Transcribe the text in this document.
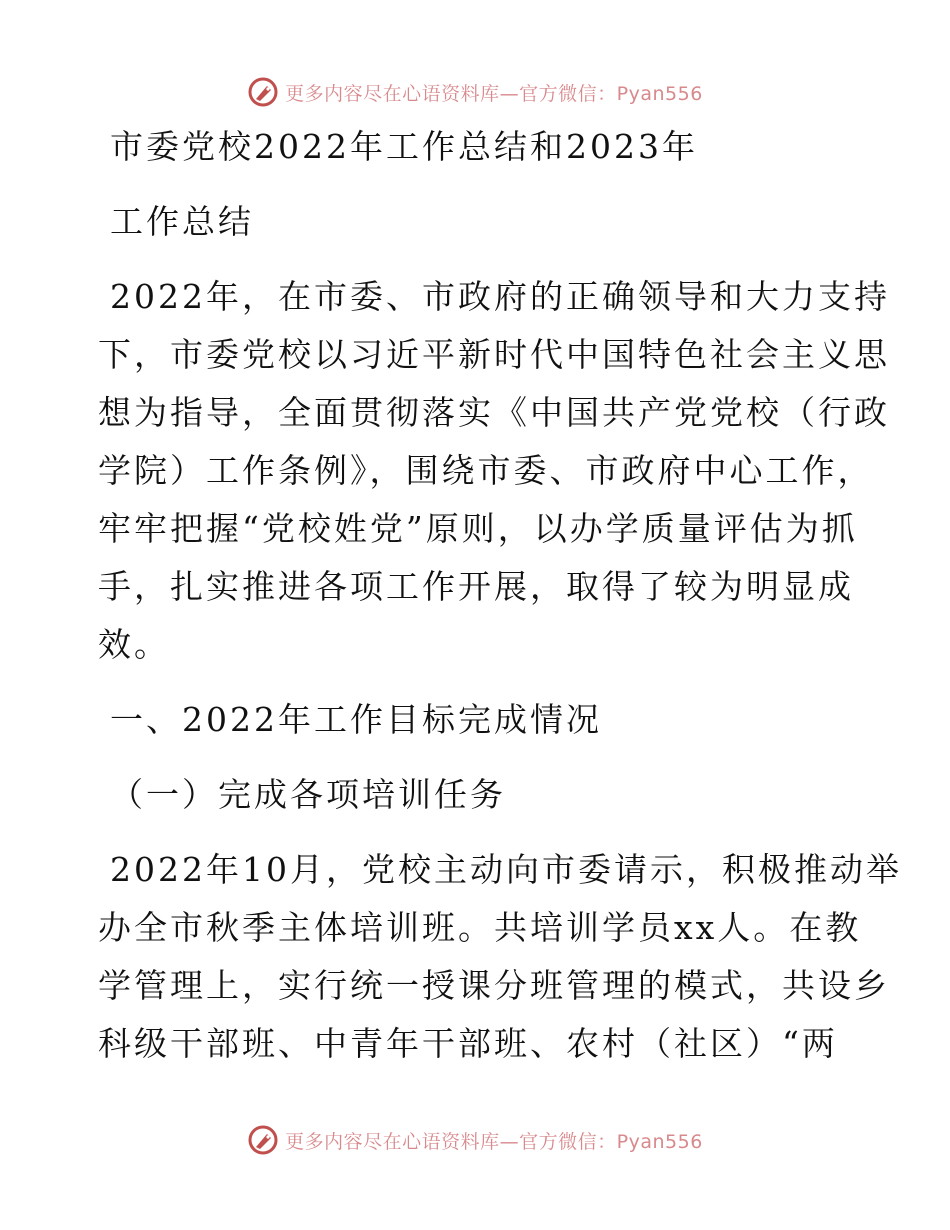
更多内容尽在心语资料库—官方微信：Pyan556
市委党校2022年工作总结和2023年
工作总结
2022年，在市委、市政府的正确领导和大力支持
下，市委党校以习近平新时代中国特色社会主义思
想为指导，全面贯彻落实《中国共产党党校（行政
学院）工作条例》，围绕市委、市政府中心工作，
牢牢把握“党校姓党”原则，以办学质量评估为抓
手，扎实推进各项工作开展，取得了较为明显成
效。
一、2022年工作目标完成情况
（一）完成各项培训任务
2022年10月，党校主动向市委请示，积极推动举
办全市秋季主体培训班。共培训学员xx人。在教
学管理上，实行统一授课分班管理的模式，共设乡
科级干部班、中青年干部班、农村（社区）“两
更多内容尽在心语资料库—官方微信：Pyan556
